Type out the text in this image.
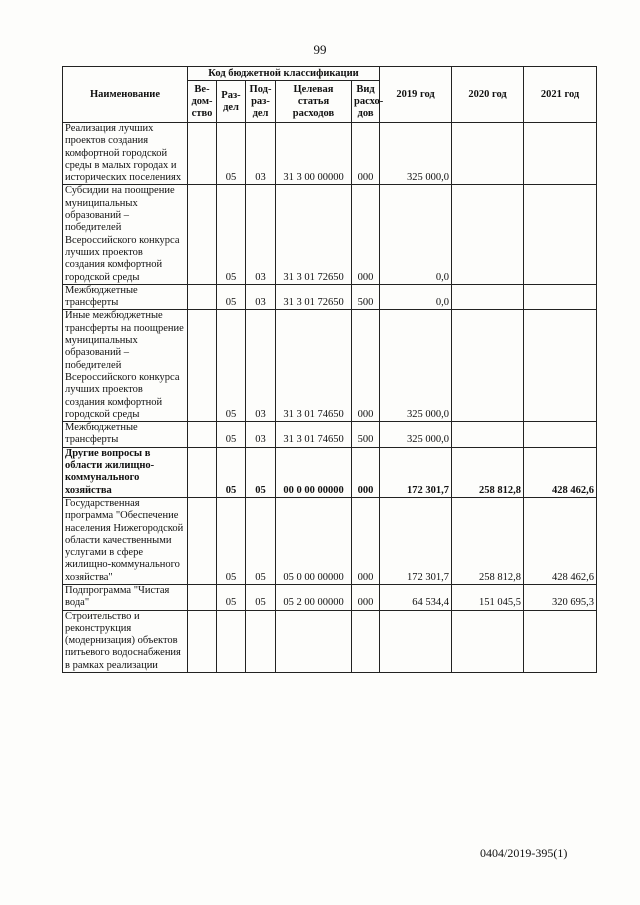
99
Наименование	Код бюджетной классификации					2019 год	2020 год	2021 год
	Ве-дом-ство	Раз-дел	Под-раз-дел	Целевая статья расходов	Вид расхо-дов			
Реализация лучших проектов создания комфортной городской среды в малых городах и исторических поселениях		05	03	31 3 00 00000	000	325 000,0		
Субсидии на поощрение муниципальных образований – победителей Всероссийского конкурса лучших проектов создания комфортной городской среды		05	03	31 3 01 72650	000	0,0		
Межбюджетные трансферты		05	03	31 3 01 72650	500	0,0		
Иные межбюджетные трансферты на поощрение муниципальных образований – победителей Всероссийского конкурса лучших проектов создания комфортной городской среды		05	03	31 3 01 74650	000	325 000,0		
Межбюджетные трансферты		05	03	31 3 01 74650	500	325 000,0		
Другие вопросы в области жилищно-коммунального хозяйства		05	05	00 0 00 00000	000	172 301,7	258 812,8	428 462,6
Государственная программа "Обеспечение населения Нижегородской области качественными услугами в сфере жилищно-коммунального хозяйства"		05	05	05 0 00 00000	000	172 301,7	258 812,8	428 462,6
Подпрограмма "Чистая вода"		05	05	05 2 00 00000	000	64 534,4	151 045,5	320 695,3
Строительство и реконструкция (модернизация) объектов питьевого водоснабжения в рамках реализации								
0404/2019-395(1)
